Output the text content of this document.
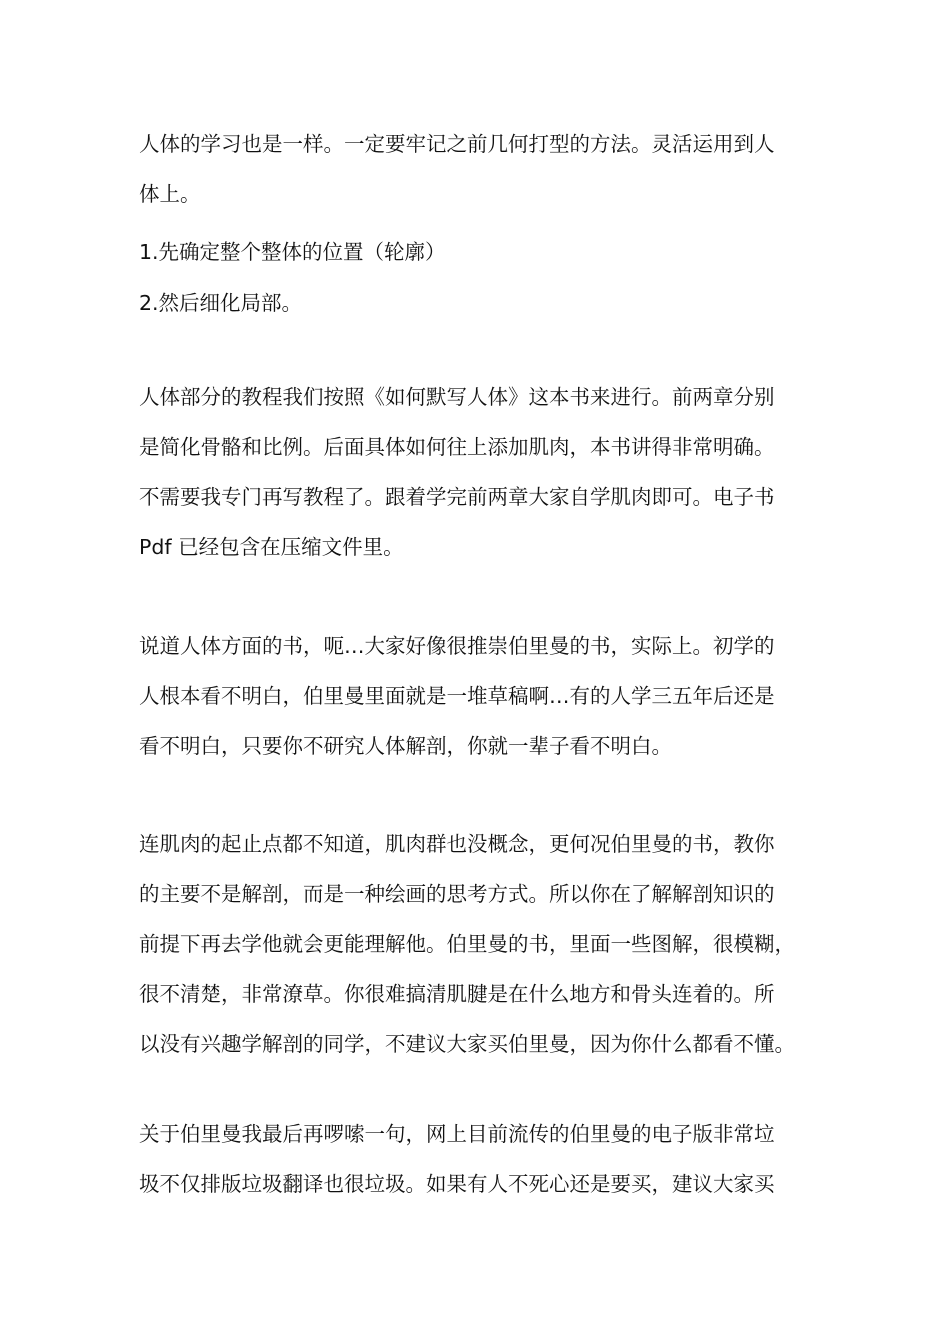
人体的学习也是一样。一定要牢记之前几何打型的方法。灵活运用到人
体上。
1.先确定整个整体的位置（轮廓）
2.然后细化局部。
人体部分的教程我们按照《如何默写人体》这本书来进行。前两章分别
是简化骨骼和比例。后面具体如何往上添加肌肉，本书讲得非常明确。
不需要我专门再写教程了。跟着学完前两章大家自学肌肉即可。电子书
Pdf 已经包含在压缩文件里。
说道人体方面的书，呃…大家好像很推崇伯里曼的书，实际上。初学的
人根本看不明白，伯里曼里面就是一堆草稿啊…有的人学三五年后还是
看不明白，只要你不研究人体解剖，你就一辈子看不明白。
连肌肉的起止点都不知道，肌肉群也没概念，更何况伯里曼的书，教你
的主要不是解剖，而是一种绘画的思考方式。所以你在了解解剖知识的
前提下再去学他就会更能理解他。伯里曼的书，里面一些图解，很模糊，
很不清楚，非常潦草。你很难搞清肌腱是在什么地方和骨头连着的。所
以没有兴趣学解剖的同学，不建议大家买伯里曼，因为你什么都看不懂。
关于伯里曼我最后再啰嗦一句，网上目前流传的伯里曼的电子版非常垃
圾不仅排版垃圾翻译也很垃圾。如果有人不死心还是要买，建议大家买
